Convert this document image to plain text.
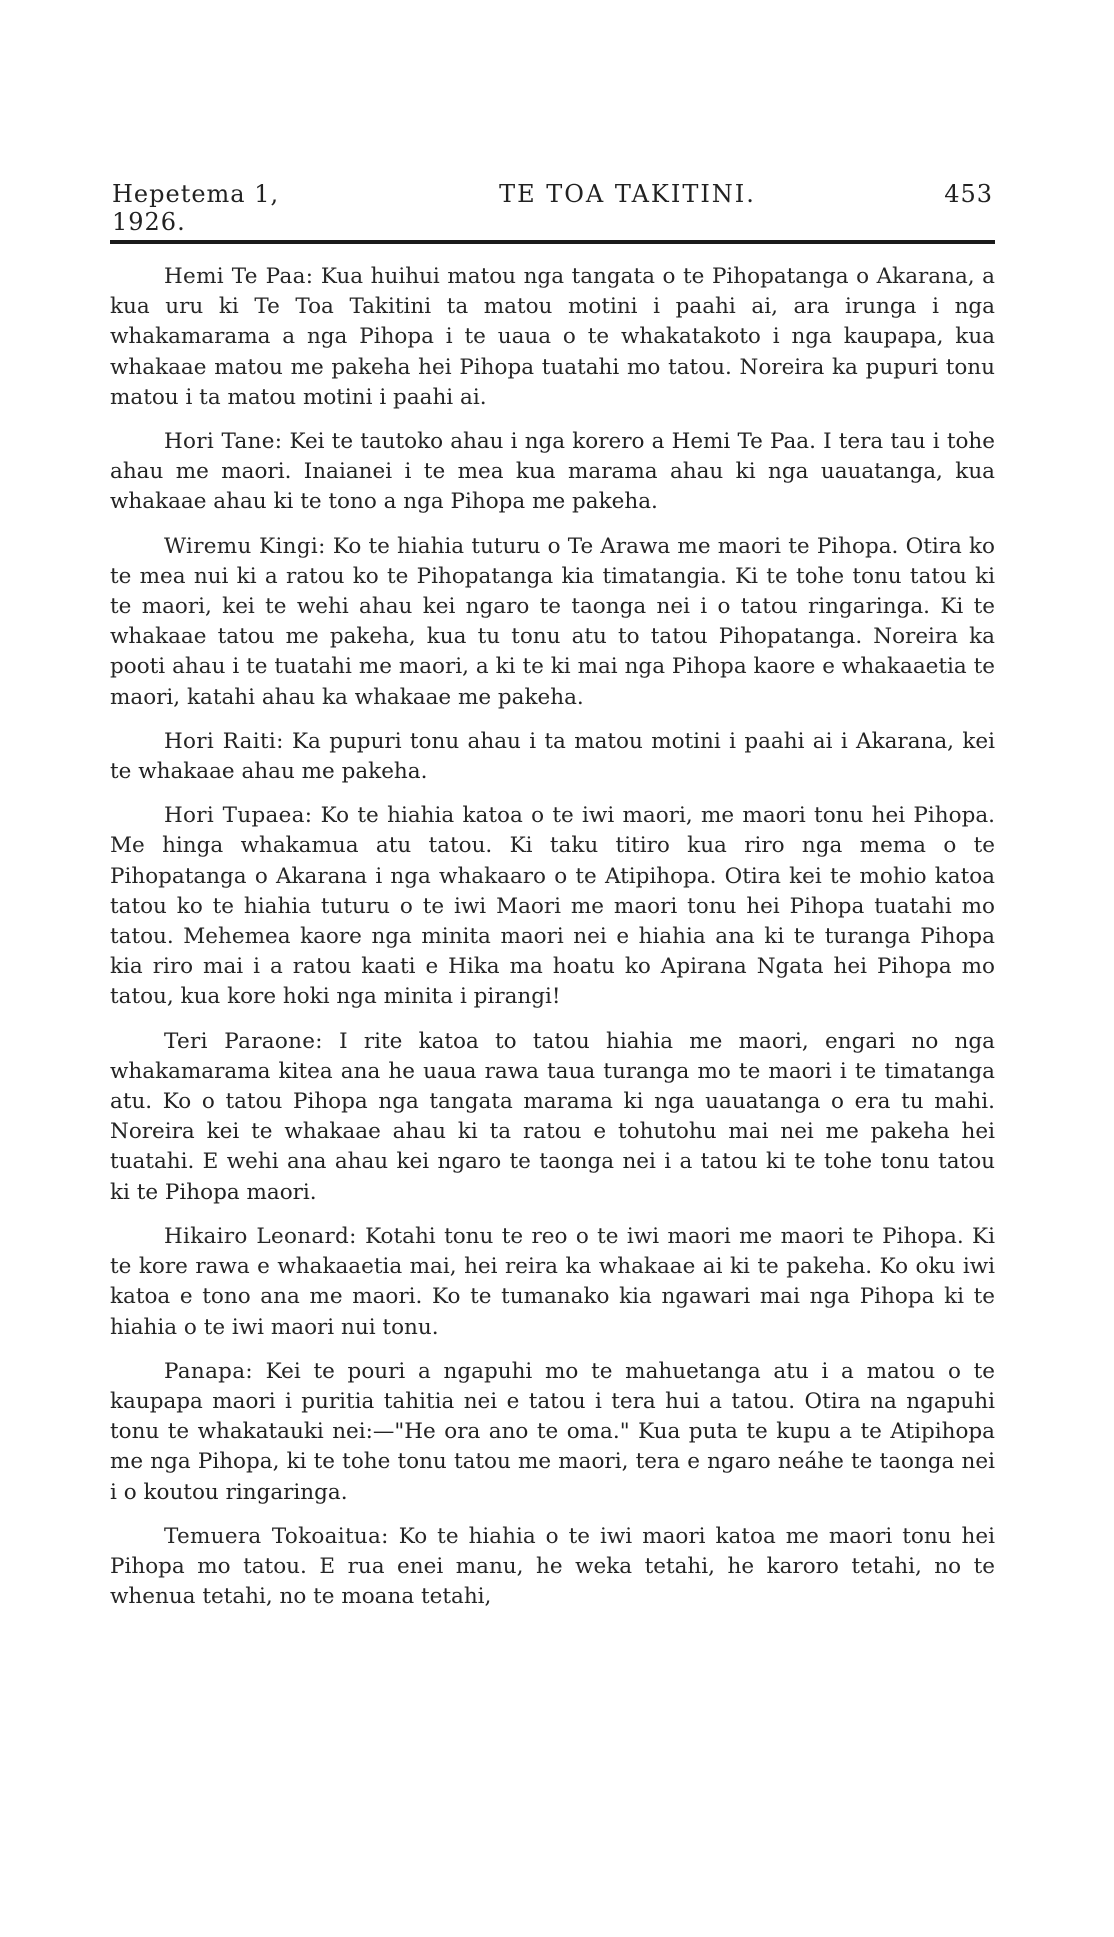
Hepetema 1, 1926.
TE TOA TAKITINI.	453

Hemi Te Paa: Kua huihui matou nga tangata o te Pihopatanga o Akarana, a kua uru ki Te Toa Takitini ta matou motini i paahi ai, ara irunga i nga whakamarama a nga Pihopa i te uaua o te whakatakoto i nga kaupapa, kua whakaae matou me pakeha hei Pihopa tuatahi mo tatou. Noreira ka pupuri tonu matou i ta matou motini i paahi ai.

Hori Tane: Kei te tautoko ahau i nga korero a Hemi Te Paa. I tera tau i tohe ahau me maori. Inaianei i te mea kua marama ahau ki nga uauatanga, kua whakaae ahau ki te tono a nga Pihopa me pakeha.

Wiremu Kingi: Ko te hiahia tuturu o Te Arawa me maori te Pihopa. Otira ko te mea nui ki a ratou ko te Pihopatanga kia timatangia. Ki te tohe tonu tatou ki te maori, kei te wehi ahau kei ngaro te taonga nei i o tatou ringaringa. Ki te whakaae tatou me pakeha, kua tu tonu atu to tatou Pihopatanga. Noreira ka pooti ahau i te tuatahi me maori, a ki te ki mai nga Pihopa kaore e whakaaetia te maori, katahi ahau ka whakaae me pakeha.

Hori Raiti: Ka pupuri tonu ahau i ta matou motini i paahi ai i Akarana, kei te whakaae ahau me pakeha.

Hori Tupaea: Ko te hiahia katoa o te iwi maori, me maori tonu hei Pihopa. Me hinga whakamua atu tatou. Ki taku titiro kua riro nga mema o te Pihopatanga o Akarana i nga whakaaro o te Atipihopa. Otira kei te mohio katoa tatou ko te hiahia tuturu o te iwi Maori me maori tonu hei Pihopa tuatahi mo tatou. Mehemea kaore nga minita maori nei e hiahia ana ki te turanga Pihopa kia riro mai i a ratou kaati e Hika ma hoatu ko Apirana Ngata hei Pihopa mo tatou, kua kore hoki nga minita i pirangi!

Teri Paraone: I rite katoa to tatou hiahia me maori, engari no nga whakamarama kitea ana he uaua rawa taua turanga mo te maori i te timatanga atu. Ko o tatou Pihopa nga tangata marama ki nga uauatanga o era tu mahi. Noreira kei te whakaae ahau ki ta ratou e tohutohu mai nei me pakeha hei tuatahi. E wehi ana ahau kei ngaro te taonga nei i a tatou ki te tohe tonu tatou ki te Pihopa maori.

Hikairo Leonard: Kotahi tonu te reo o te iwi maori me maori te Pihopa. Ki te kore rawa e whakaaetia mai, hei reira ka whakaae ai ki te pakeha. Ko oku iwi katoa e tono ana me maori. Ko te tumanako kia ngawari mai nga Pihopa ki te hiahia o te iwi maori nui tonu.

Panapa: Kei te pouri a ngapuhi mo te mahuetanga atu i a matou o te kaupapa maori i puritia tahitia nei e tatou i tera hui a tatou. Otira na ngapuhi tonu te whakatauki nei:—"He ora ano te oma." Kua puta te kupu a te Atipihopa me nga Pihopa, ki te tohe tonu tatou me maori, tera e ngaro neáhe te taonga nei i o koutou ringaringa.

Temuera Tokoaitua: Ko te hiahia o te iwi maori katoa me maori tonu hei Pihopa mo tatou. E rua enei manu, he weka tetahi, he karoro tetahi, no te whenua tetahi, no te moana tetahi,
